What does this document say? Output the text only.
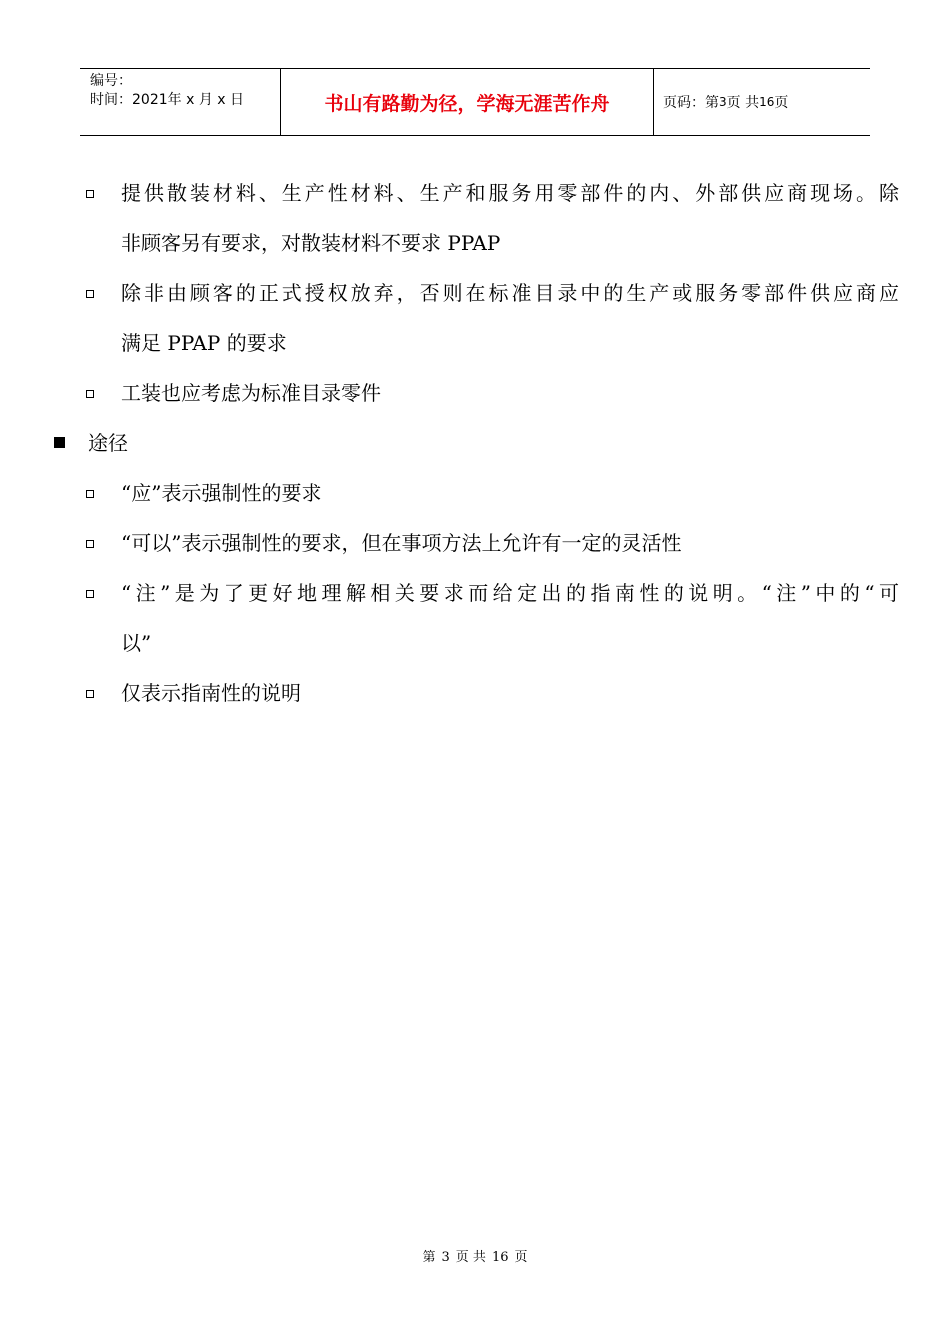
编号：
时间：2021年 x 月 x 日	书山有路勤为径，学海无涯苦作舟	页码：第 3 页 共 16 页
提供散装材料、生产性材料、生产和服务用零部件的内、外部供应商现场。除
非顾客另有要求，对散装材料不要求 PPAP
除非由顾客的正式授权放弃，否则在标准目录中的生产或服务零部件供应商应
满足 PPAP 的要求
工装也应考虑为标准目录零件
途径
“应”表示强制性的要求
“可以”表示强制性的要求，但在事项方法上允许有一定的灵活性
“注”是为了更好地理解相关要求而给定出的指南性的说明。“注”中的“可
以”
仅表示指南性的说明
第 3 页 共 16 页
